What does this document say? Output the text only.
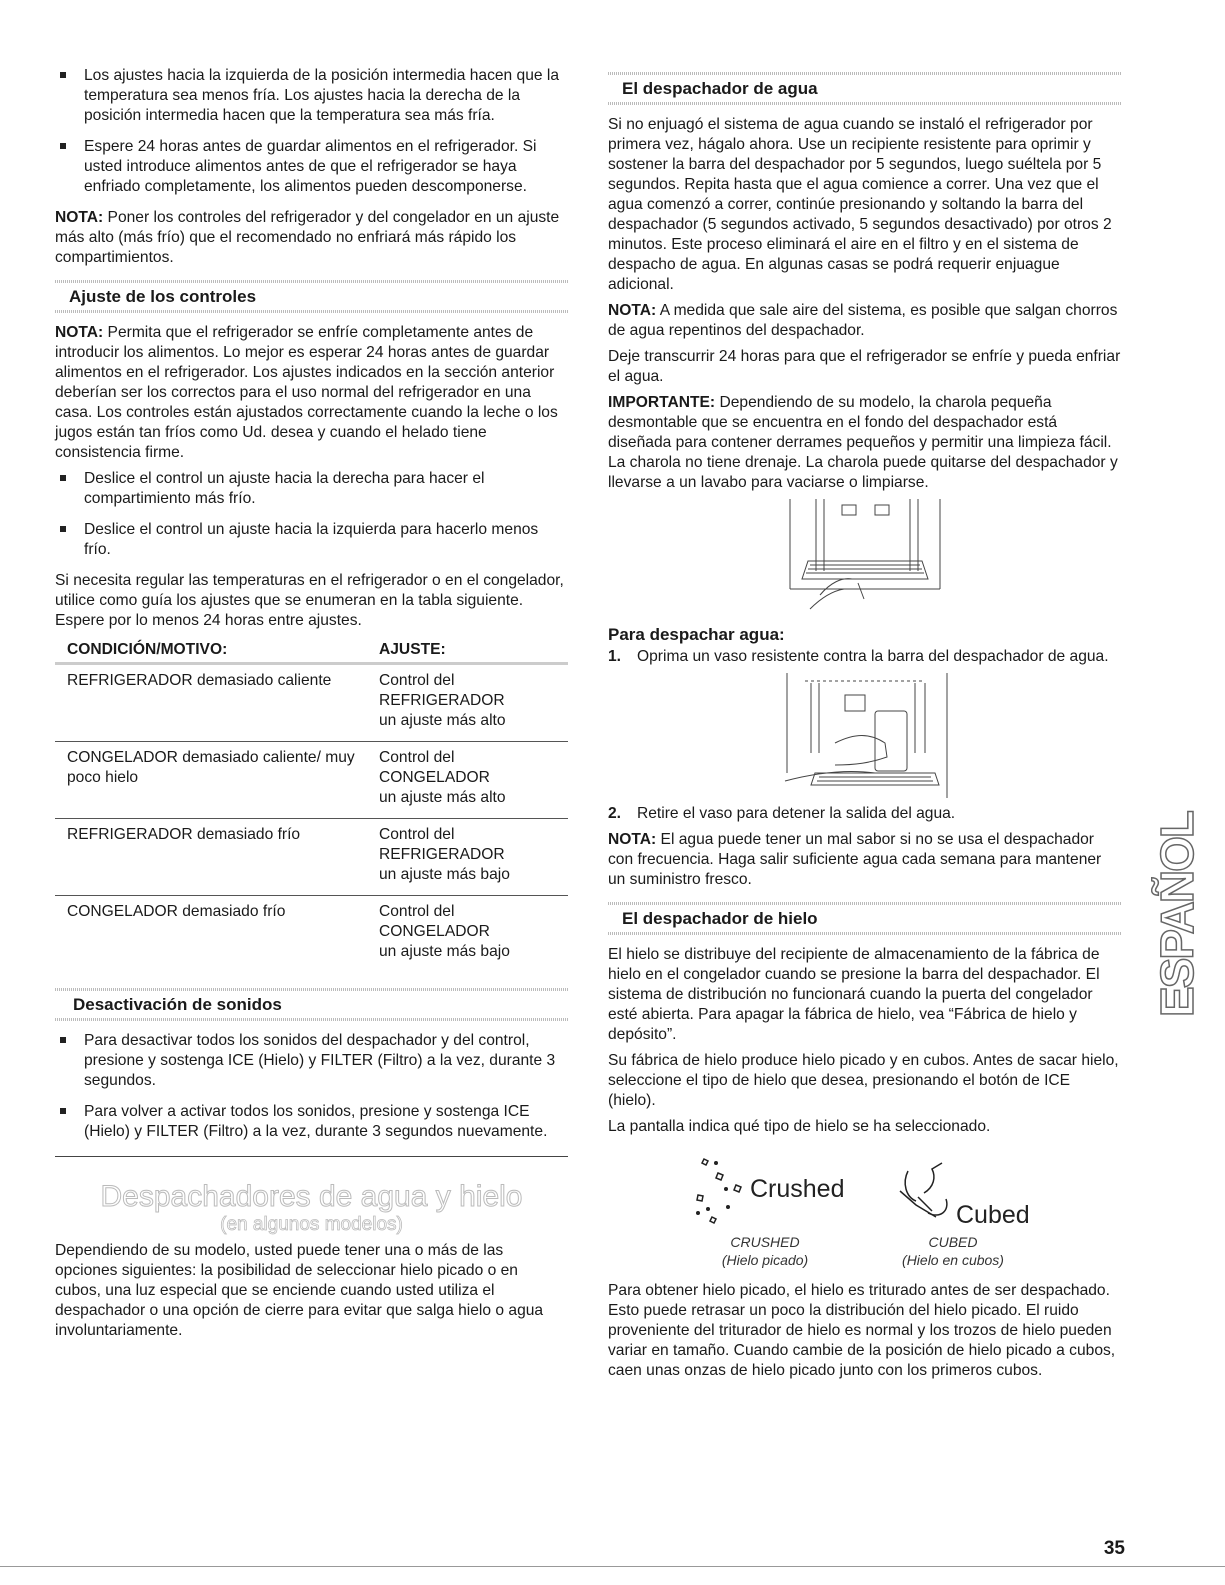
Los ajustes hacia la izquierda de la posición intermedia hacen que la temperatura sea menos fría. Los ajustes hacia la derecha de la posición intermedia hacen que la temperatura sea más fría.
Espere 24 horas antes de guardar alimentos en el refrigerador. Si usted introduce alimentos antes de que el refrigerador se haya enfriado completamente, los alimentos pueden descomponerse.

NOTA: Poner los controles del refrigerador y del congelador en un ajuste más alto (más frío) que el recomendado no enfriará más rápido los compartimientos.

Ajuste de los controles

NOTA: Permita que el refrigerador se enfríe completamente antes de introducir los alimentos. Lo mejor es esperar 24 horas antes de guardar alimentos en el refrigerador. Los ajustes indicados en la sección anterior deberían ser los correctos para el uso normal del refrigerador en una casa. Los controles están ajustados correctamente cuando la leche o los jugos están tan fríos como Ud. desea y cuando el helado tiene consistencia firme.

Deslice el control un ajuste hacia la derecha para hacer el compartimiento más frío.
Deslice el control un ajuste hacia la izquierda para hacerlo menos frío.

Si necesita regular las temperaturas en el refrigerador o en el congelador, utilice como guía los ajustes que se enumeran en la tabla siguiente. Espere por lo menos 24 horas entre ajustes.

CONDICIÓN/MOTIVO:	AJUSTE:
REFRIGERADOR demasiado caliente	Control del
REFRIGERADOR
un ajuste más alto

CONGELADOR demasiado caliente/ muy poco hielo	Control del
CONGELADOR
un ajuste más alto

REFRIGERADOR demasiado frío	Control del
REFRIGERADOR
un ajuste más bajo

CONGELADOR demasiado frío	Control del
CONGELADOR
un ajuste más bajo
Desactivación de sonidos
Para desactivar todos los sonidos del despachador y del control, presione y sostenga ICE (Hielo) y FILTER (Filtro) a la vez, durante 3 segundos.
Para volver a activar todos los sonidos, presione y sostenga ICE (Hielo) y FILTER (Filtro) a la vez, durante 3 segundos nuevamente.
Despachadores de agua y hielo
(en algunos modelos)

Dependiendo de su modelo, usted puede tener una o más de las opciones siguientes: la posibilidad de seleccionar hielo picado o en cubos, una luz especial que se enciende cuando usted utiliza el despachador o una opción de cierre para evitar que salga hielo o agua involuntariamente.

El despachador de agua

Si no enjuagó el sistema de agua cuando se instaló el refrigerador por primera vez, hágalo ahora. Use un recipiente resistente para oprimir y sostener la barra del despachador por 5 segundos, luego suéltela por 5 segundos. Repita hasta que el agua comience a correr. Una vez que el agua comenzó a correr, continúe presionando y soltando la barra del despachador (5 segundos activado, 5 segundos desactivado) por otros 2 minutos. Este proceso eliminará el aire en el filtro y en el sistema de despacho de agua. En algunas casas se podrá requerir enjuague adicional.

NOTA: A medida que sale aire del sistema, es posible que salgan chorros de agua repentinos del despachador.

Deje transcurrir 24 horas para que el refrigerador se enfríe y pueda enfriar el agua.

IMPORTANTE: Dependiendo de su modelo, la charola pequeña desmontable que se encuentra en el fondo del despachador está diseñada para contener derrames pequeños y permitir una limpieza fácil. La charola no tiene drenaje. La charola puede quitarse del despachador y llevarse a un lavabo para vaciarse o limpiarse.

Para despachar agua:

1. Oprima un vaso resistente contra la barra del despachador de agua.
2. Retire el vaso para detener la salida del agua.

NOTA: El agua puede tener un mal sabor si no se usa el despachador con frecuencia. Haga salir suficiente agua cada semana para mantener un suministro fresco.

El despachador de hielo

El hielo se distribuye del recipiente de almacenamiento de la fábrica de hielo en el congelador cuando se presione la barra del despachador. El sistema de distribución no funcionará cuando la puerta del congelador esté abierta. Para apagar la fábrica de hielo, vea “Fábrica de hielo y depósito”.

Su fábrica de hielo produce hielo picado y en cubos. Antes de sacar hielo, seleccione el tipo de hielo que desea, presionando el botón de ICE (hielo).

La pantalla indica qué tipo de hielo se ha seleccionado.

Crushed
Cubed
CRUSHED
(Hielo picado)
CUBED
(Hielo en cubos)

Para obtener hielo picado, el hielo es triturado antes de ser despachado. Esto puede retrasar un poco la distribución del hielo picado. El ruido proveniente del triturador de hielo es normal y los trozos de hielo pueden variar en tamaño. Cuando cambie de la posición de hielo picado a cubos, caen unas onzas de hielo picado junto con los primeros cubos.

ESPAÑOL
35
